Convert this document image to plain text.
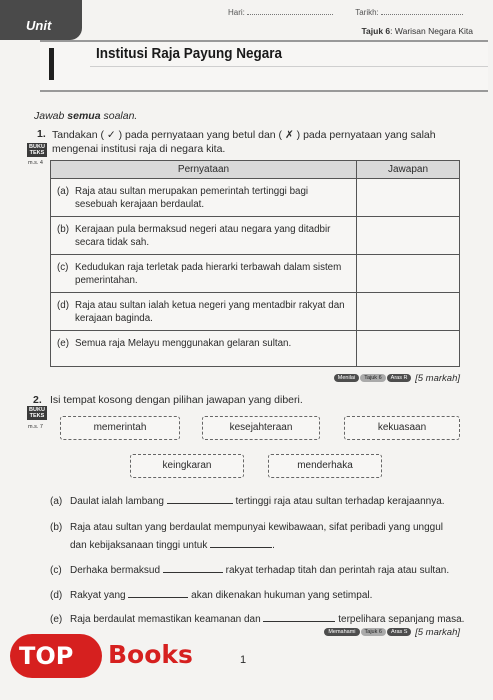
Unit
Hari:	Tarikh:
Tajuk 6: Warisan Negara Kita
Institusi Raja Payung Negara
Jawab semua soalan.
1. Tandakan ( ✓ ) pada pernyataan yang betul dan ( ✗ ) pada pernyataan yang salah mengenai institusi raja di negara kita.
BUKU TEKS
m.s. 4
Pernyataan	Jawapan
(a) Raja atau sultan merupakan pemerintah tertinggi bagi sesebuah kerajaan berdaulat.	
(b) Kerajaan pula bermaksud negeri atau negara yang ditadbir secara tidak sah.	
(c) Kedudukan raja terletak pada hierarki terbawah dalam sistem pemerintahan.	
(d) Raja atau sultan ialah ketua negeri yang mentadbir rakyat dan kerajaan baginda.	
(e) Semua raja Melayu menggunakan gelaran sultan.	
Menilai Tajuk 6 Aras R [5 markah]
2. Isi tempat kosong dengan pilihan jawapan yang diberi.
BUKU TEKS
m.s. 7	memerintah	kesejahteraan	kekuasaan
keingkaran	menderhaka
(a) Daulat ialah lambang	tertinggi raja atau sultan terhadap kerajaannya.
(b) Raja atau sultan yang berdaulat mempunyai kewibawaan, sifat peribadi yang unggul
dan kebijaksanaan tinggi untuk	.
(c) Derhaka bermaksud	rakyat terhadap titah dan perintah raja atau sultan.
(d) Rakyat yang	akan dikenakan hukuman yang setimpal.
(e) Raja berdaulat memastikan keamanan dan	terpelihara sepanjang masa.
Memahami Tajuk 6 Aras S [5 markah]
1
TOP	Books
